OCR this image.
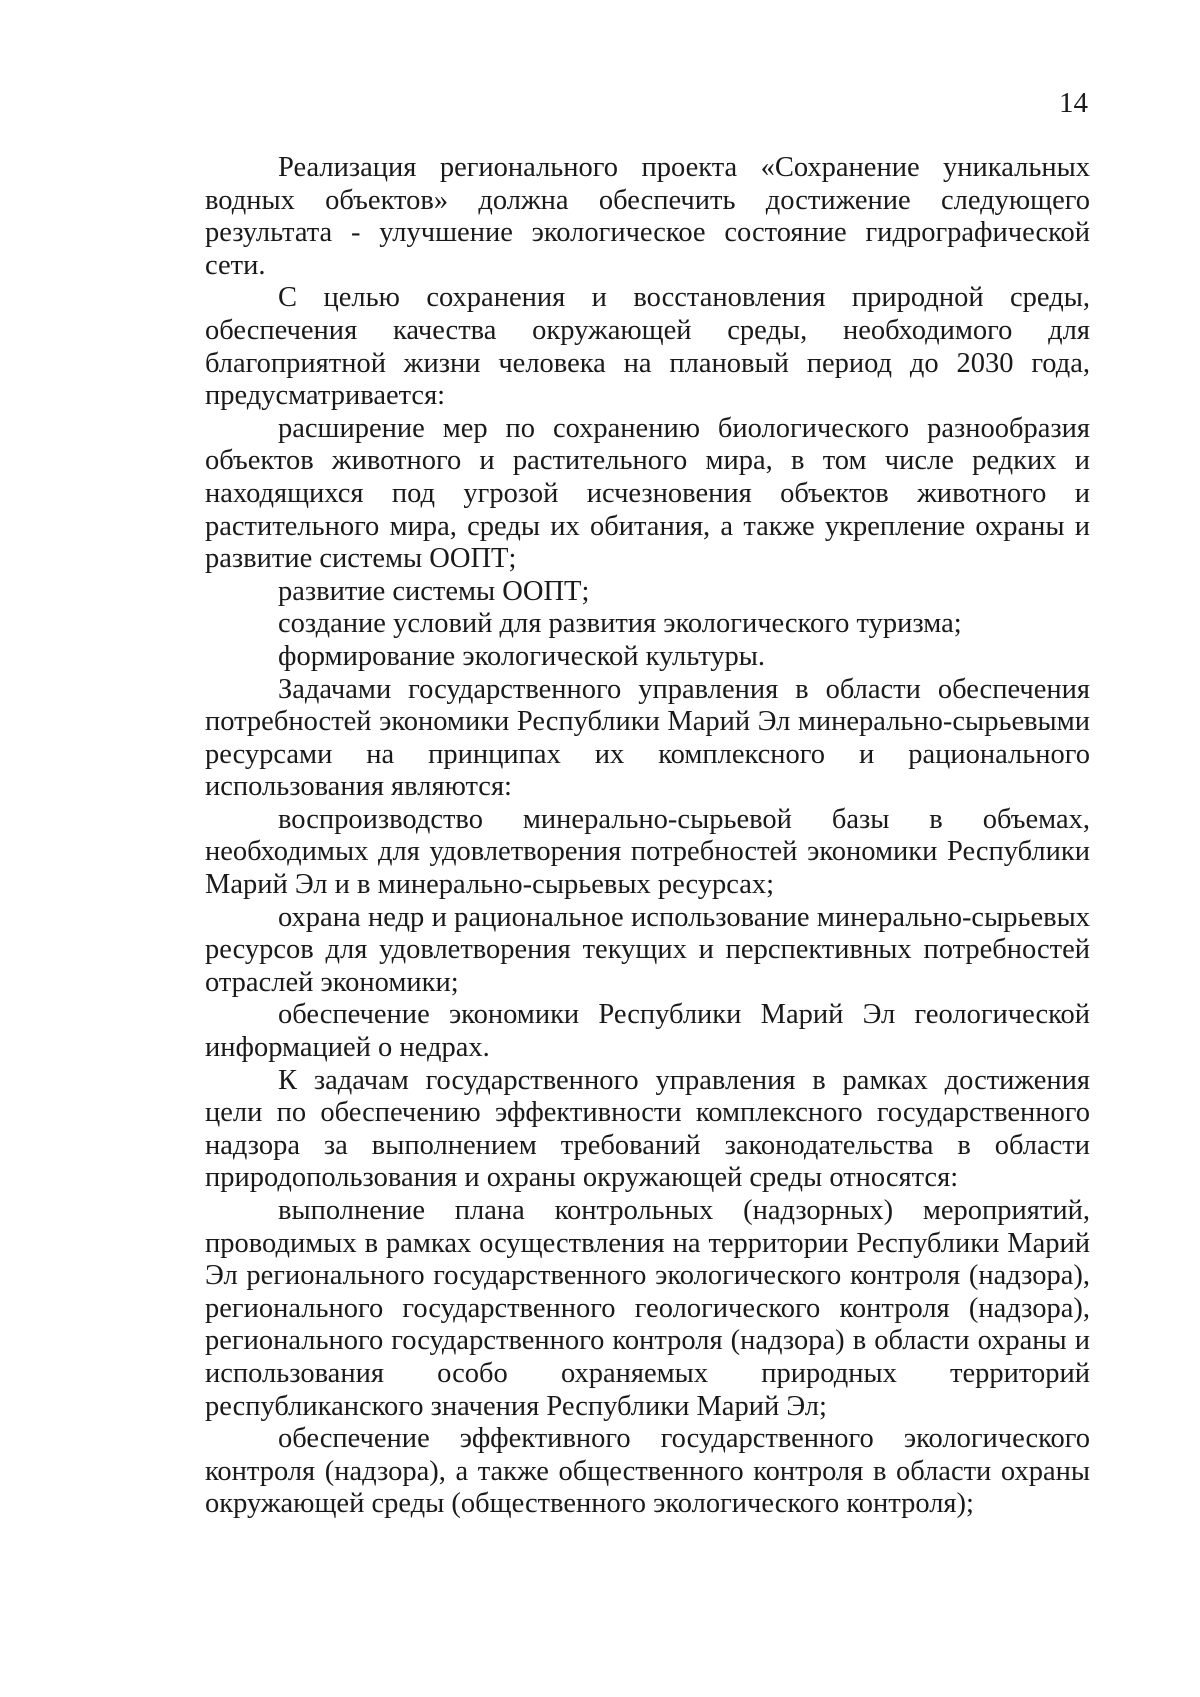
14

Реализация регионального проекта «Сохранение уникальных водных объектов» должна обеспечить достижение следующего результата - улучшение экологическое состояние гидрографической сети.

С целью сохранения и восстановления природной среды, обеспечения качества окружающей среды, необходимого для благоприятной жизни человека на плановый период до 2030 года, предусматривается:

расширение мер по сохранению биологического разнообразия объектов животного и растительного мира, в том числе редких и находящихся под угрозой исчезновения объектов животного и растительного мира, среды их обитания, а также укрепление охраны и развитие системы ООПТ;

развитие системы ООПТ;

создание условий для развития экологического туризма;

формирование экологической культуры.

Задачами государственного управления в области обеспечения потребностей экономики Республики Марий Эл минерально-сырьевыми ресурсами на принципах их комплексного и рационального использования являются:

воспроизводство минерально-сырьевой базы в объемах, необходимых для удовлетворения потребностей экономики Республики Марий Эл и в минерально-сырьевых ресурсах;

охрана недр и рациональное использование минерально-сырьевых ресурсов для удовлетворения текущих и перспективных потребностей отраслей экономики;

обеспечение экономики Республики Марий Эл геологической информацией о недрах.

К задачам государственного управления в рамках достижения цели по обеспечению эффективности комплексного государственного надзора за выполнением требований законодательства в области природопользования и охраны окружающей среды относятся:

выполнение плана контрольных (надзорных) мероприятий, проводимых в рамках осуществления на территории Республики Марий Эл регионального государственного экологического контроля (надзора), регионального государственного геологического контроля (надзора), регионального государственного контроля (надзора) в области охраны и использования особо охраняемых природных территорий республиканского значения Республики Марий Эл;

обеспечение эффективного государственного экологического контроля (надзора), а также общественного контроля в области охраны окружающей среды (общественного экологического контроля);
